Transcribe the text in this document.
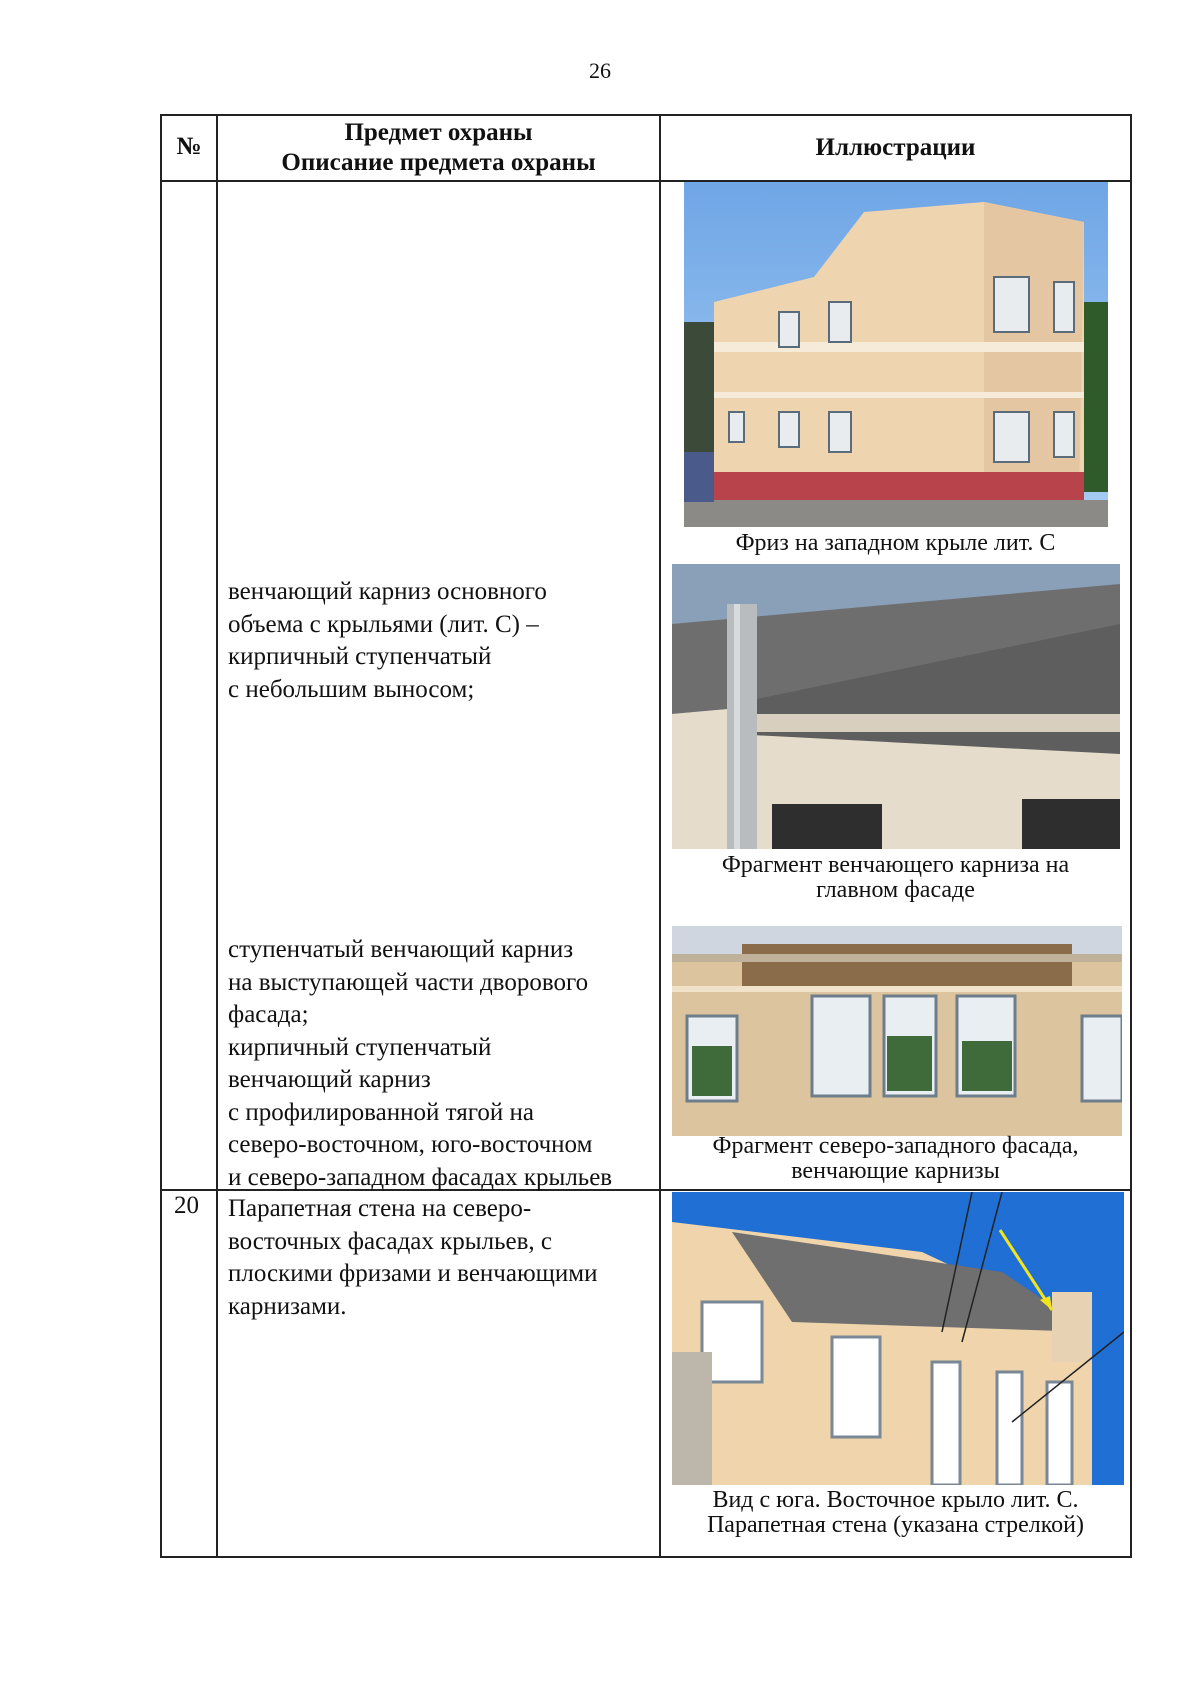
26
№
Предмет охраны
Описание предмета охраны
Иллюстрации
венчающий карниз основного
объема с крыльями (лит. С) –
кирпичный ступенчатый
с небольшим выносом;
ступенчатый венчающий карниз
на выступающей части дворового
фасада;
кирпичный ступенчатый
венчающий карниз
с профилированной тягой на
северо-восточном, юго-восточном
и северо-западном фасадах крыльев
20 Парапетная стена на северо-
восточных фасадах крыльев, с
плоскими фризами и венчающими
карнизами.
Фриз на западном крыле лит. С
Фрагмент венчающего карниза на
главном фасаде
Фрагмент северо-западного фасада,
венчающие карнизы
Вид с юга. Восточное крыло лит. С.
Парапетная стена (указана стрелкой)
